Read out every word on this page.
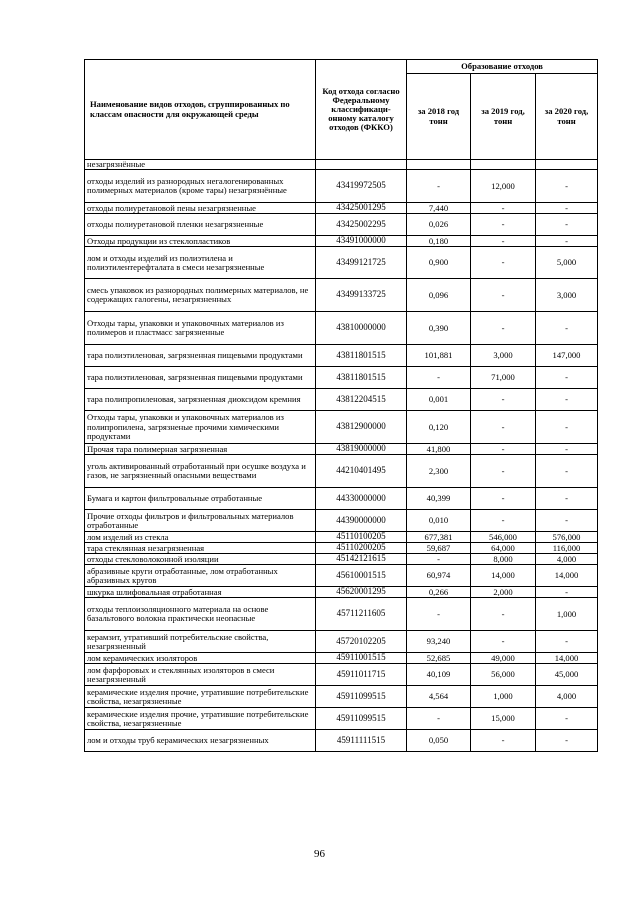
Наименование видов отходов, сгруппированных по классам опасности для окружающей среды	Код отхода согласно Федеральному классификаци-онному каталогу отходов (ФККО)	Образование отходов		
		за 2018 год тонн	за 2019 год, тонн	за 2020 год, тонн
незагрязнённые				
отходы изделий из разнородных негалогенированных полимерных материалов (кроме тары) незагрязнённые	43419972505	-	12,000	-
отходы полиуретановой пены незагрязненные	43425001295	7,440	-	-
отходы полиуретановой пленки незагрязненные	43425002295	0,026	-	-
Отходы продукции из стеклопластиков	43491000000	0,180	-	-
лом и отходы изделий из полиэтилена и полиэтилентерефталата в смеси незагрязненные	43499121725	0,900	-	5,000
смесь упаковок из разнородных полимерных материалов, не содержащих галогены, незагрязненных	43499133725	0,096	-	3,000
Отходы тары, упаковки и упаковочных материалов из полимеров и пластмасс загрязненные	43810000000	0,390	-	-
тара полиэтиленовая, загрязненная пищевыми продуктами	43811801515	101,881	3,000	147,000
тара полиэтиленовая, загрязненная пищевыми продуктами	43811801515	-	71,000	-
тара полипропиленовая, загрязненная диоксидом кремния	43812204515	0,001	-	-
Отходы тары, упаковки и упаковочных материалов из полипропилена, загрязненые прочими химическими продуктами	43812900000	0,120	-	-
Прочая тара полимерная загрязненная	43819000000	41,800	-	-
уголь активированный отработанный при осушке воздуха и газов, не загрязненный опасными веществами	44210401495	2,300	-	-
Бумага и картон фильтровальные отработанные	44330000000	40,399	-	-
Прочие отходы фильтров и фильтровальных материалов отработанные	44390000000	0,010	-	-
лом изделий из стекла	45110100205	677,381	546,000	576,000
тара стеклянная незагрязненная	45110200205	59,687	64,000	116,000
отходы стекловолоконной изоляции	45142121615	-	8,000	4,000
абразивные круги отработанные, лом отработанных абразивных кругов	45610001515	60,974	14,000	14,000
шкурка шлифовальная отработанная	45620001295	0,266	2,000	-
отходы теплоизоляционного материала на основе базальтового волокна практически неопасные	45711211605	-	-	1,000
керамзит, утративший потребительские свойства, незагрязненный	45720102205	93,240	-	-
лом керамических изоляторов	45911001515	52,685	49,000	14,000
лом фарфоровых и стеклянных изоляторов в смеси незагрязненный	45911011715	40,109	56,000	45,000
керамические изделия прочие, утратившие потребительские свойства, незагрязненные	45911099515	4,564	1,000	4,000
керамические изделия прочие, утратившие потребительские свойства, незагрязненные	45911099515	-	15,000	-
лом и отходы труб керамических незагрязненных	45911111515	0,050	-	-
96
